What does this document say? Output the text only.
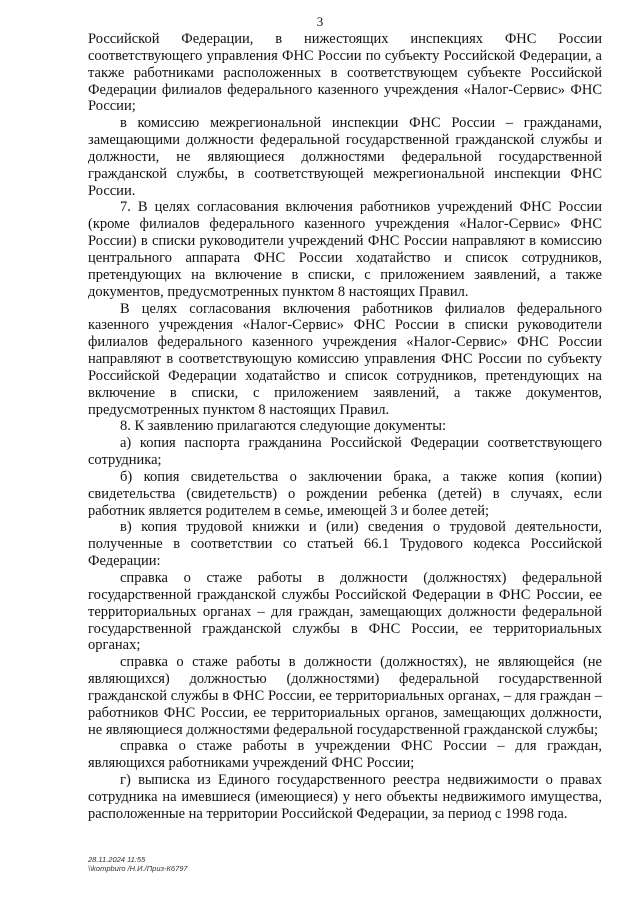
3

Российской Федерации, в нижестоящих инспекциях ФНС России соответствующего управления ФНС России по субъекту Российской Федерации, а также работниками расположенных в соответствующем субъекте Российской Федерации филиалов федерального казенного учреждения «Налог-Сервис» ФНС России;

в комиссию межрегиональной инспекции ФНС России – гражданами, замещающими должности федеральной государственной гражданской службы и должности, не являющиеся должностями федеральной государственной гражданской службы, в соответствующей межрегиональной инспекции ФНС России.

7. В целях согласования включения работников учреждений ФНС России (кроме филиалов федерального казенного учреждения «Налог-Сервис» ФНС России) в списки руководители учреждений ФНС России направляют в комиссию центрального аппарата ФНС России ходатайство и список сотрудников, претендующих на включение в списки, с приложением заявлений, а также документов, предусмотренных пунктом 8 настоящих Правил.

В целях согласования включения работников филиалов федерального казенного учреждения «Налог-Сервис» ФНС России в списки руководители филиалов федерального казенного учреждения «Налог-Сервис» ФНС России направляют в соответствующую комиссию управления ФНС России по субъекту Российской Федерации ходатайство и список сотрудников, претендующих на включение в списки, с приложением заявлений, а также документов, предусмотренных пунктом 8 настоящих Правил.

8. К заявлению прилагаются следующие документы:

а) копия паспорта гражданина Российской Федерации соответствующего сотрудника;

б) копия свидетельства о заключении брака, а также копия (копии) свидетельства (свидетельств) о рождении ребенка (детей) в случаях, если работник является родителем в семье, имеющей 3 и более детей;

в) копия трудовой книжки и (или) сведения о трудовой деятельности, полученные в соответствии со статьей 66.1 Трудового кодекса Российской Федерации:

справка о стаже работы в должности (должностях) федеральной государственной гражданской службы Российской Федерации в ФНС России, ее территориальных органах – для граждан, замещающих должности федеральной государственной гражданской службы в ФНС России, ее территориальных органах;

справка о стаже работы в должности (должностях), не являющейся (не являющихся) должностью (должностями) федеральной государственной гражданской службы в ФНС России, ее территориальных органах, – для граждан – работников ФНС России, ее территориальных органов, замещающих должности, не являющиеся должностями федеральной государственной гражданской службы;

справка о стаже работы в учреждении ФНС России – для граждан, являющихся работниками учреждений ФНС России;

г) выписка из Единого государственного реестра недвижимости о правах сотрудника на имевшиеся (имеющиеся) у него объекты недвижимого имущества, расположенные на территории Российской Федерации, за период с 1998 года.

28.11.2024 11:55
\\kompburo /Н.И./Приз-К6797
